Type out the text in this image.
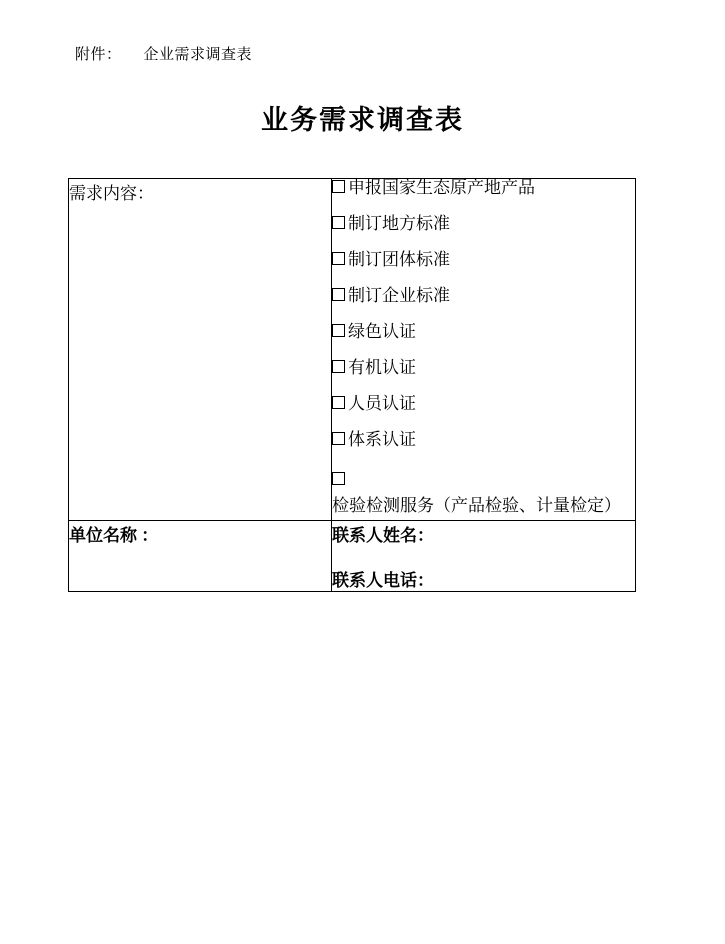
附件： 企业需求调查表

业务需求调查表
需求内容：	申报国家生态原产地产品
制订地方标准
制订团体标准
制订企业标准
绿色认证
有机认证
人员认证
体系认证
检验检测服务（产品检验、计量检定）

单位名称 ：	联系人姓名：
联系人电话：
